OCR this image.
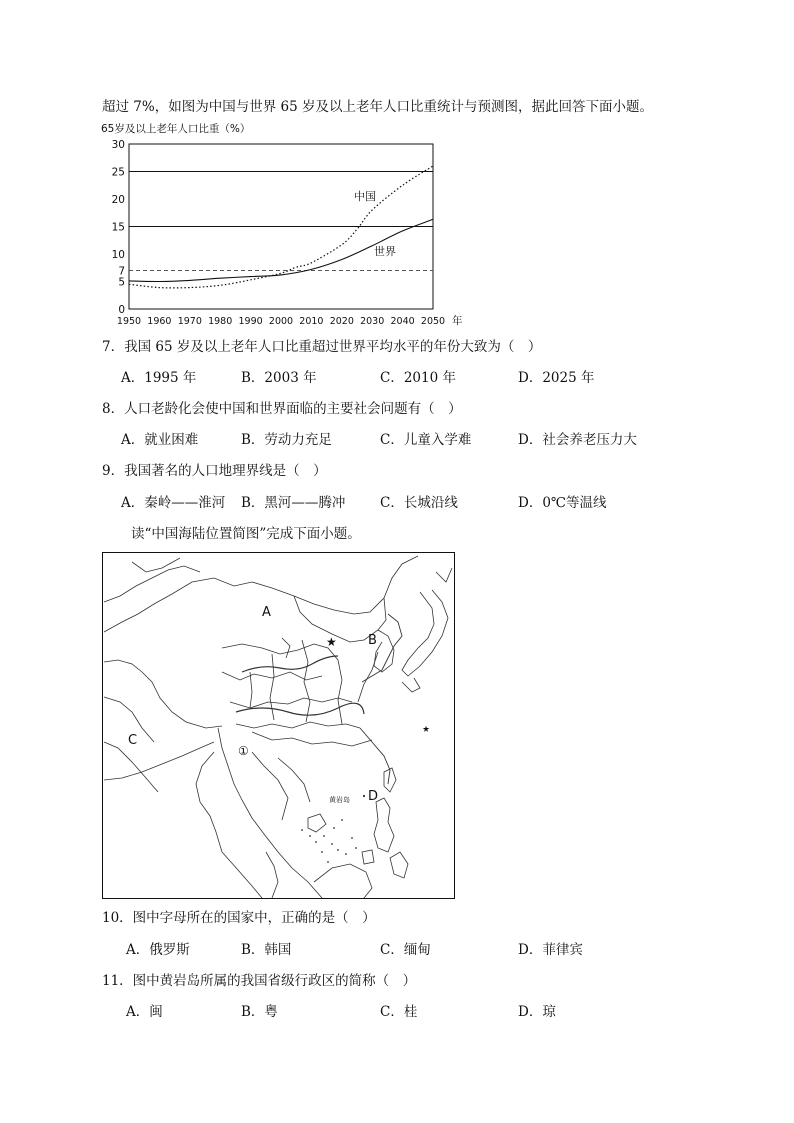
超过 7%，如图为中国与世界 65 岁及以上老年人口比重统计与预测图，据此回答下面小题。
65岁及以上老年人口比重（%）
0
5
7
10
15
20
25
30
1950 1960 1970 1980 1990 2000 2010 2020 2030 2040 2050
中国
世界
年
7．我国 65 岁及以上老年人口比重超过世界平均水平的年份大致为（　）
A．1995 年	B．2003 年	C．2010 年	D．2025 年
8．人口老龄化会使中国和世界面临的主要社会问题有（　）
A．就业困难	B．劳动力充足	C．儿童入学难	D．社会养老压力大
9．我国著名的人口地理界线是（　）
A．秦岭——淮河 B．黑河——腾冲	C．长城沿线	D．0℃等温线
读“中国海陆位置简图”完成下面小题。
★
★
A
B
C
D
①
黄岩岛
10．图中字母所在的国家中，正确的是（　）
A．俄罗斯	B．韩国	C．缅甸	D．菲律宾
11．图中黄岩岛所属的我国省级行政区的简称（　）
A．闽	B．粤	C．桂	D．琼
